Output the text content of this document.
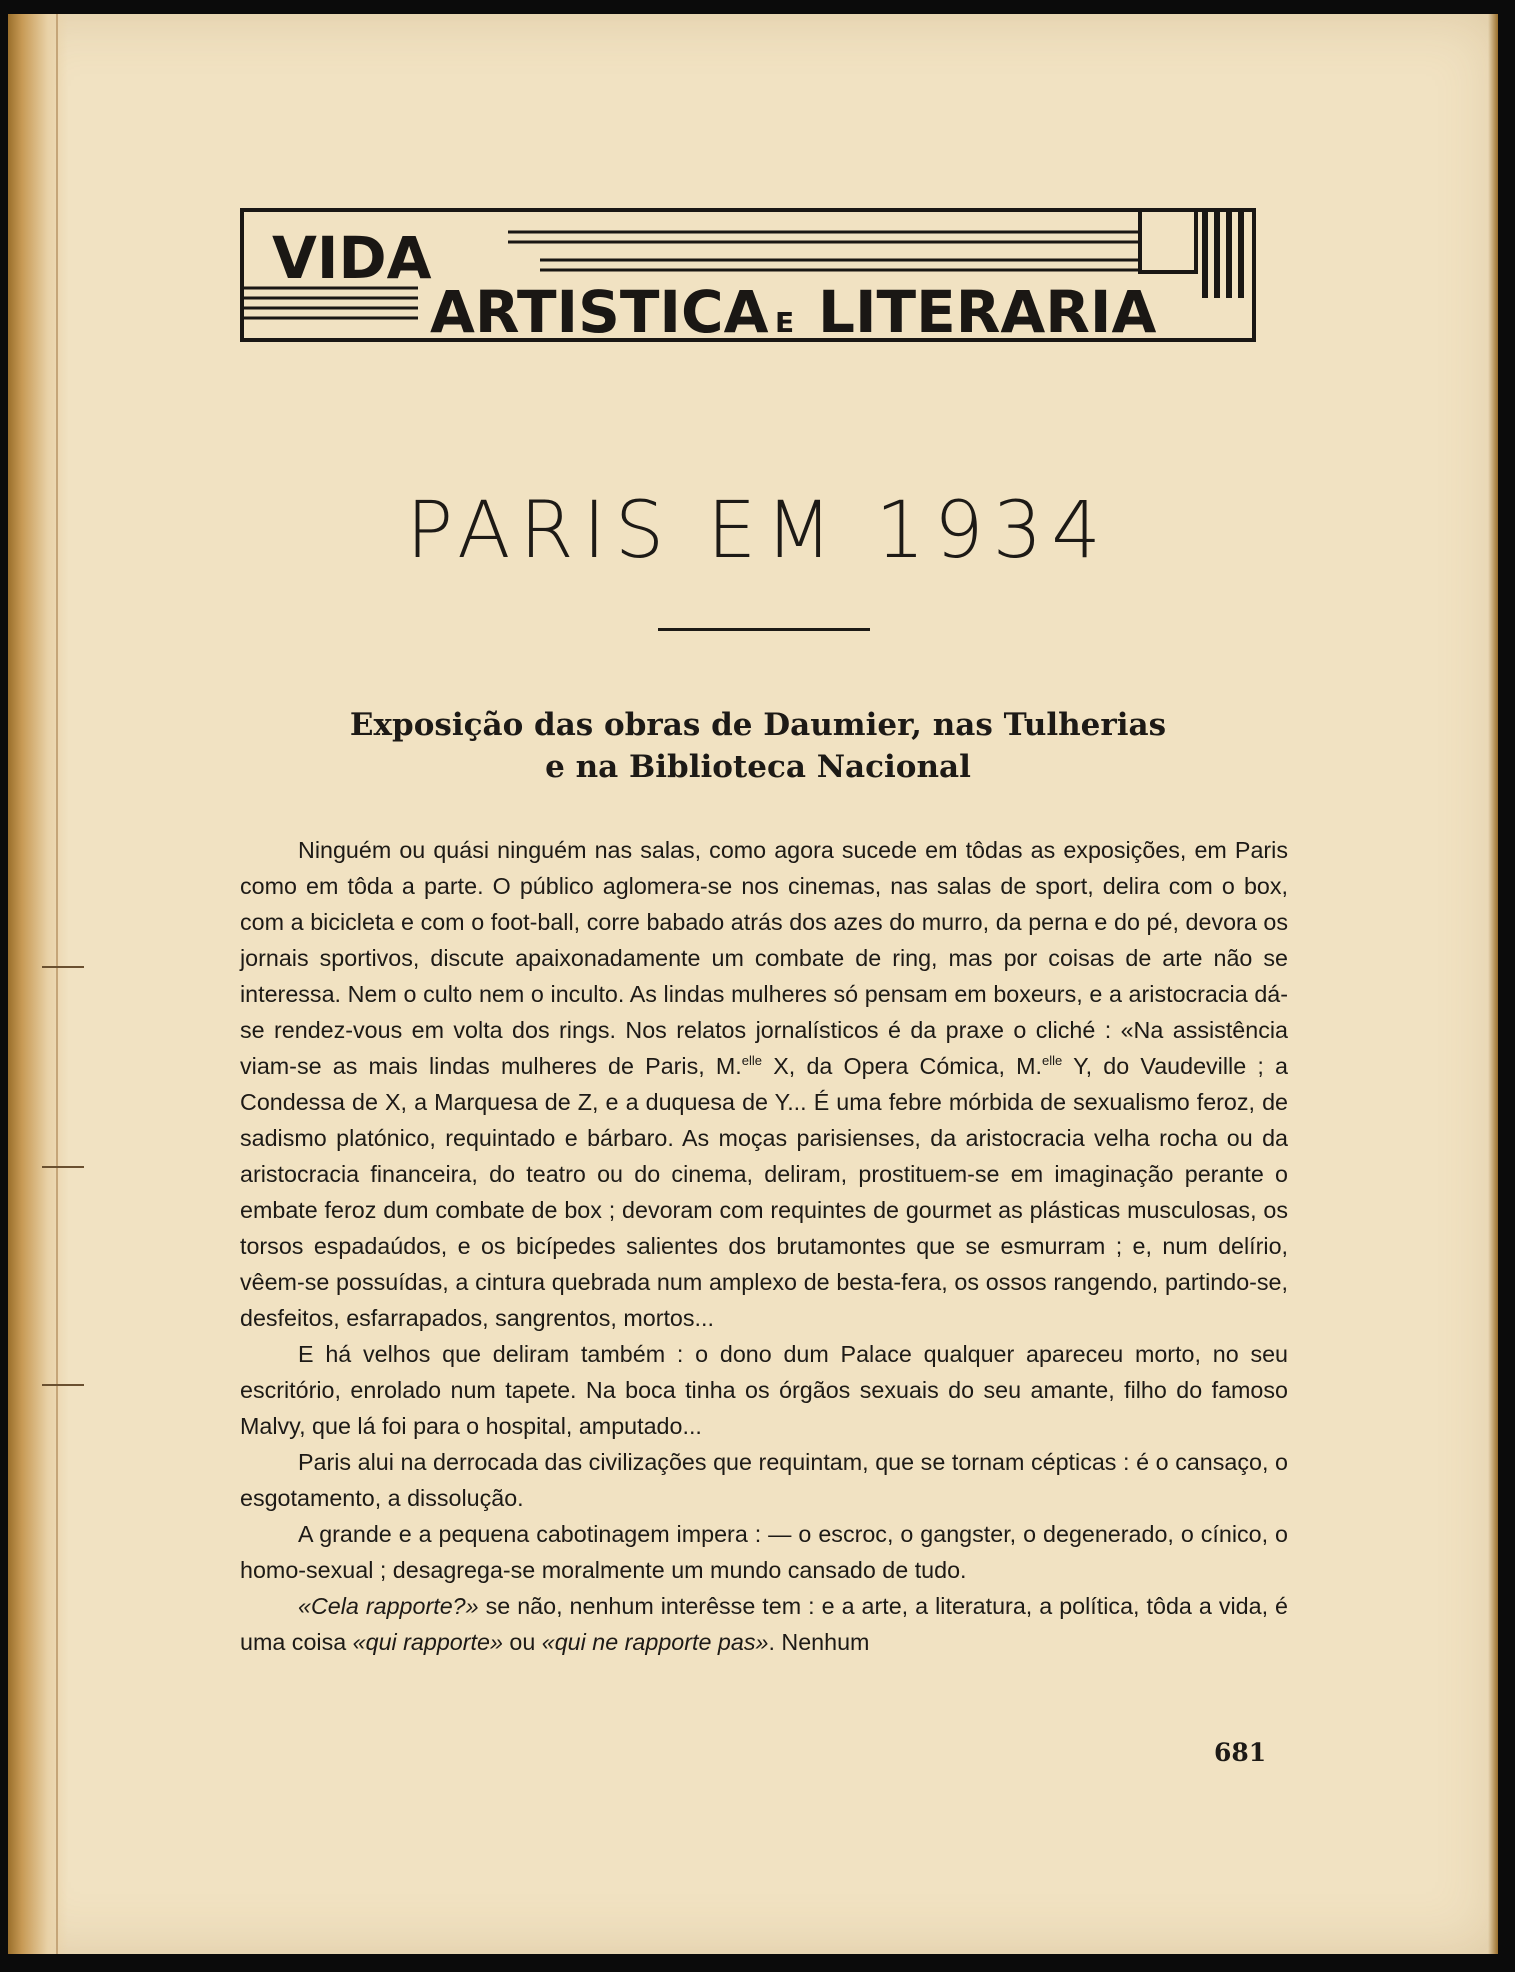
VIDA
ARTISTICA E LITERARIA
PARIS EM 1934
Exposição das obras de Daumier, nas Tulherias
e na Biblioteca Nacional

Ninguém ou quási ninguém nas salas, como agora sucede em tôdas as exposições, em Paris como em tôda a parte. O público aglomera-se nos cinemas, nas salas de sport, delira com o box, com a bicicleta e com o foot-ball, corre babado atrás dos azes do murro, da perna e do pé, devora os jornais sportivos, discute apaixonadamente um combate de ring, mas por coisas de arte não se interessa. Nem o culto nem o inculto. As lindas mulheres só pensam em boxeurs, e a aristocracia dá-se rendez-vous em volta dos rings. Nos relatos jornalísticos é da praxe o cliché : «Na assistência viam-se as mais lindas mulheres de Paris, M.$^{elle}$ X, da Opera Cómica, M.$^{elle}$ Y, do Vaudeville ; a Condessa de X, a Marquesa de Z, e a duquesa de Y... É uma febre mórbida de sexualismo feroz, de sadismo platónico, requintado e bárbaro. As moças parisienses, da aristocracia velha rocha ou da aristocracia financeira, do teatro ou do cinema, deliram, prostituem-se em imaginação perante o embate feroz dum combate de box ; devoram com requintes de gourmet as plásticas musculosas, os torsos espadaúdos, e os bicípedes salientes dos brutamontes que se esmurram ; e, num delírio, vêem-se possuídas, a cintura quebrada num amplexo de besta-fera, os ossos rangendo, partindo-se, desfeitos, esfarrapados, sangrentos, mortos...

E há velhos que deliram também : o dono dum Palace qualquer apareceu morto, no seu escritório, enrolado num tapete. Na boca tinha os órgãos sexuais do seu amante, filho do famoso Malvy, que lá foi para o hospital, amputado...

Paris alui na derrocada das civilizações que requintam, que se tornam cépticas : é o cansaço, o esgotamento, a dissolução.

A grande e a pequena cabotinagem impera : — o escroc, o gangster, o degenerado, o cínico, o homo-sexual ; desagrega-se moralmente um mundo cansado de tudo.

«Cela rapporte?» se não, nenhum interêsse tem : e a arte, a literatura, a política, tôda a vida, é uma coisa «qui rapporte» ou «qui ne rapporte pas». Nenhum

681
